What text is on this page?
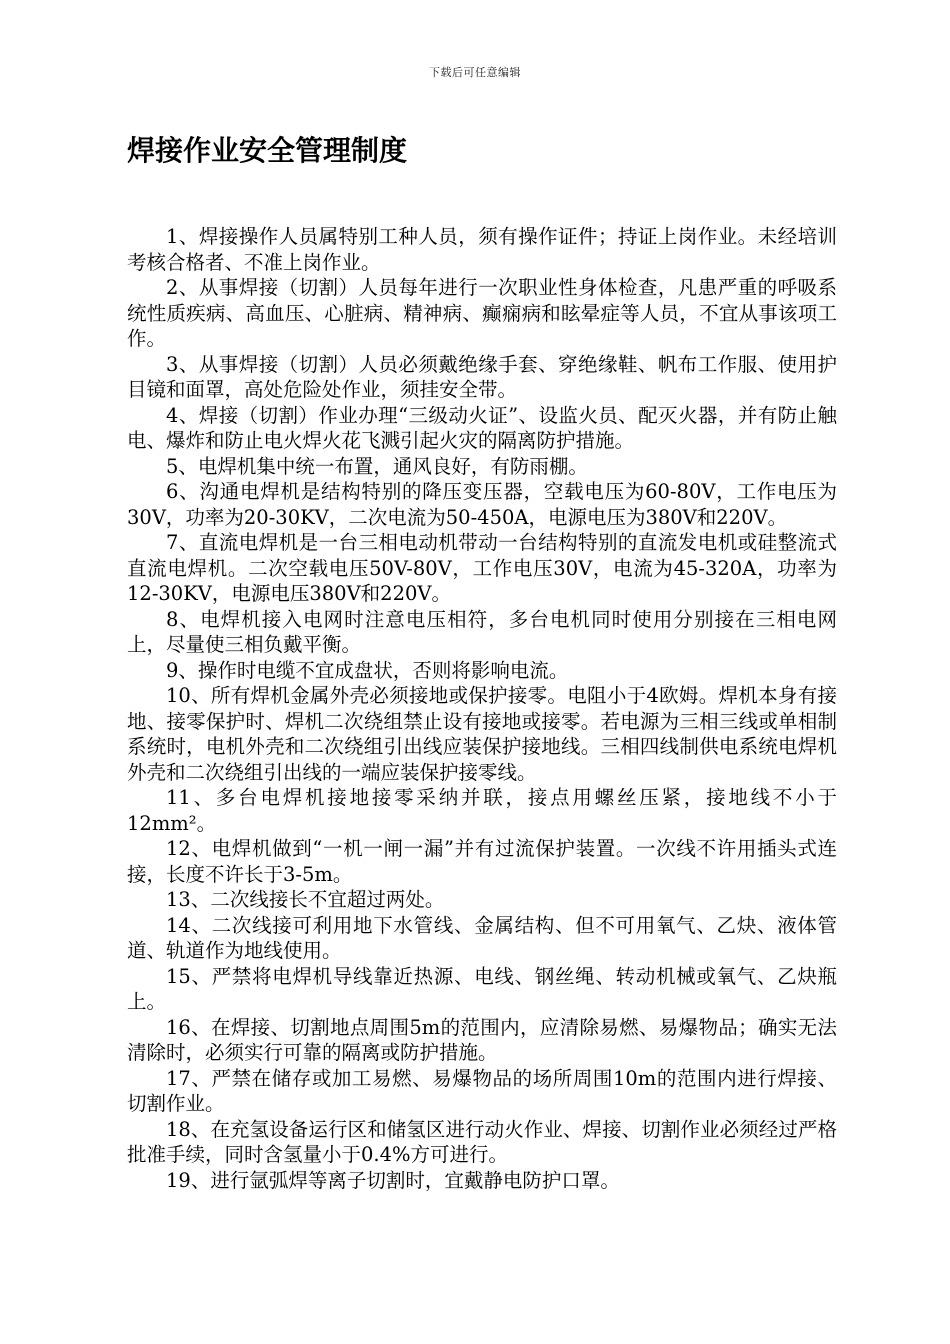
下载后可任意编辑
焊接作业安全管理制度

1、焊接操作人员属特别工种人员，须有操作证件；持证上岗作业。未经培训考核合格者、不准上岗作业。

2、从事焊接（切割）人员每年进行一次职业性身体检查，凡患严重的呼吸系统性质疾病、高血压、心脏病、精神病、癫痫病和眩晕症等人员，不宜从事该项工作。

3、从事焊接（切割）人员必须戴绝缘手套、穿绝缘鞋、帆布工作服、使用护目镜和面罩，高处危险处作业，须挂安全带。

4、焊接（切割）作业办理“三级动火证”、设监火员、配灭火器，并有防止触电、爆炸和防止电火焊火花飞溅引起火灾的隔离防护措施。

5、电焊机集中统一布置，通风良好，有防雨棚。

6、沟通电焊机是结构特别的降压变压器，空载电压为60-80V，工作电压为30V，功率为20-30KV，二次电流为50-450A，电源电压为380V和220V。

7、直流电焊机是一台三相电动机带动一台结构特别的直流发电机或硅整流式直流电焊机。二次空载电压50V-80V，工作电压30V，电流为45-320A，功率为12-30KV，电源电压380V和220V。

8、电焊机接入电网时注意电压相符，多台电机同时使用分别接在三相电网上，尽量使三相负戴平衡。

9、操作时电缆不宜成盘状，否则将影响电流。

10、所有焊机金属外壳必须接地或保护接零。电阻小于4欧姆。焊机本身有接地、接零保护时、焊机二次绕组禁止设有接地或接零。若电源为三相三线或单相制系统时，电机外壳和二次绕组引出线应装保护接地线。三相四线制供电系统电焊机外壳和二次绕组引出线的一端应装保护接零线。

11、多台电焊机接地接零采纳并联，接点用螺丝压紧，接地线不小于12mm²。

12、电焊机做到“一机一闸一漏”并有过流保护装置。一次线不许用插头式连接，长度不许长于3-5m。

13、二次线接长不宜超过两处。

14、二次线接可利用地下水管线、金属结构、但不可用氧气、乙炔、液体管道、轨道作为地线使用。

15、严禁将电焊机导线靠近热源、电线、钢丝绳、转动机械或氧气、乙炔瓶上。

16、在焊接、切割地点周围5m的范围内，应清除易燃、易爆物品；确实无法清除时，必须实行可靠的隔离或防护措施。

17、严禁在储存或加工易燃、易爆物品的场所周围10m的范围内进行焊接、切割作业。

18、在充氢设备运行区和储氢区进行动火作业、焊接、切割作业必须经过严格批准手续，同时含氢量小于0.4%方可进行。

19、进行氩弧焊等离子切割时，宜戴静电防护口罩。
